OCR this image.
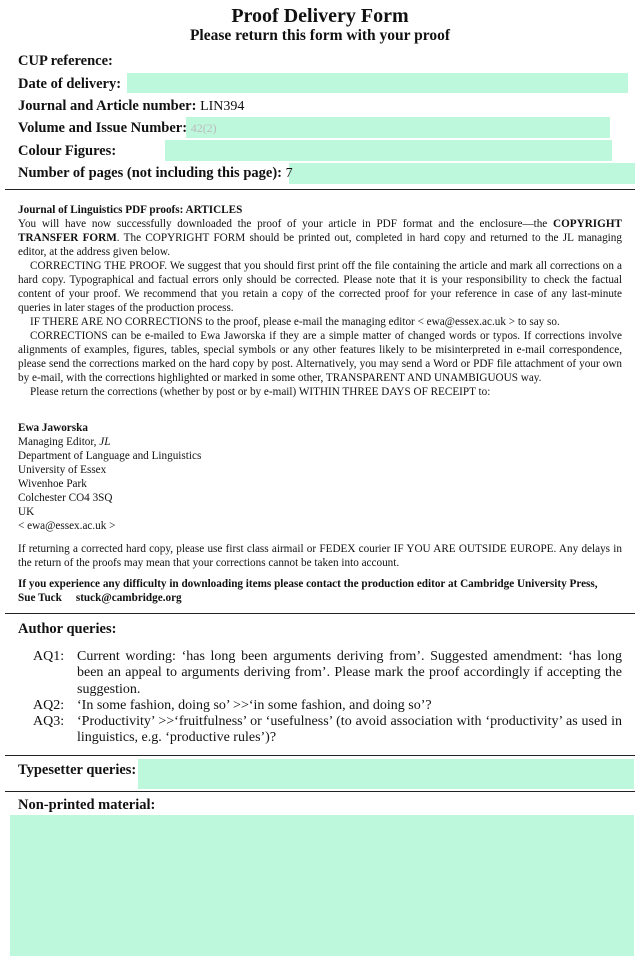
Proof Delivery Form
Please return this form with your proof
CUP reference:
Date of delivery:
Journal and Article number: LIN394
Volume and Issue Number: 42(2)
Colour Figures:
Number of pages (not including this page): 7

Journal of Linguistics PDF proofs: ARTICLES

You will have now successfully downloaded the proof of your article in PDF format and the enclosure—the COPYRIGHT TRANSFER FORM. The COPYRIGHT FORM should be printed out, completed in hard copy and returned to the JL managing editor, at the address given below.

CORRECTING THE PROOF. We suggest that you should first print off the file containing the article and mark all corrections on a hard copy. Typographical and factual errors only should be corrected. Please note that it is your responsibility to check the factual content of your proof. We recommend that you retain a copy of the corrected proof for your reference in case of any last-minute queries in later stages of the production process.

IF THERE ARE NO CORRECTIONS to the proof, please e-mail the managing editor < ewa@essex.ac.uk > to say so.

CORRECTIONS can be e-mailed to Ewa Jaworska if they are a simple matter of changed words or typos. If corrections involve alignments of examples, figures, tables, special symbols or any other features likely to be misinterpreted in e-mail correspondence, please send the corrections marked on the hard copy by post. Alternatively, you may send a Word or PDF file attachment of your own by e-mail, with the corrections highlighted or marked in some other, TRANSPARENT AND UNAMBIGUOUS way.

Please return the corrections (whether by post or by e-mail) WITHIN THREE DAYS OF RECEIPT to:

Ewa Jaworska
Managing Editor, JL
Department of Language and Linguistics
University of Essex
Wivenhoe Park
Colchester CO4 3SQ
UK
< ewa@essex.ac.uk >
If returning a corrected hard copy, please use first class airmail or FEDEX courier IF YOU ARE OUTSIDE EUROPE. Any delays in the return of the proofs may mean that your corrections cannot be taken into account.
If you experience any difficulty in downloading items please contact the production editor at Cambridge University Press,
Sue Tuck stuck@cambridge.org
Author queries:
AQ1: Current wording: ‘has long been arguments deriving from’. Suggested amendment: ‘has long been an appeal to arguments deriving from’. Please mark the proof accordingly if accepting the suggestion.
AQ2: ‘In some fashion, doing so’ >>‘in some fashion, and doing so’?
AQ3: ‘Productivity’ >>‘fruitfulness’ or ‘usefulness’ (to avoid association with ‘productivity’ as used in linguistics, e.g. ‘productive rules’)?
Typesetter queries:
Non-printed material:
